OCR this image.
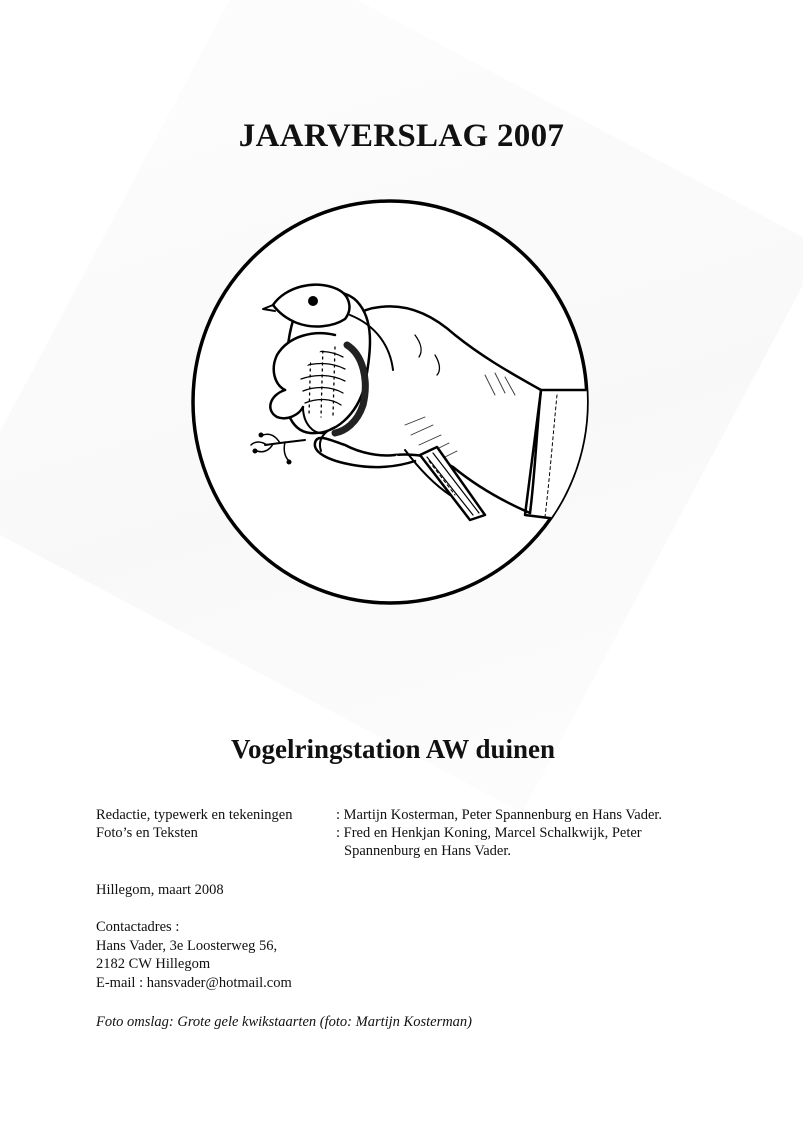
JAARVERSLAG 2007
Vogelringstation AW duinen
Redactie, typewerk en tekeningen	: Martijn Kosterman, Peter Spannenburg en Hans Vader.
Foto’s en Teksten	: Fred en Henkjan Koning, Marcel Schalkwijk, Peter
Spannenburg en Hans Vader.
Hillegom, maart 2008
Contactadres :
Hans Vader, 3e Loosterweg 56,
2182 CW Hillegom
E-mail : hansvader@hotmail.com
Foto omslag: Grote gele kwikstaarten (foto: Martijn Kosterman)
